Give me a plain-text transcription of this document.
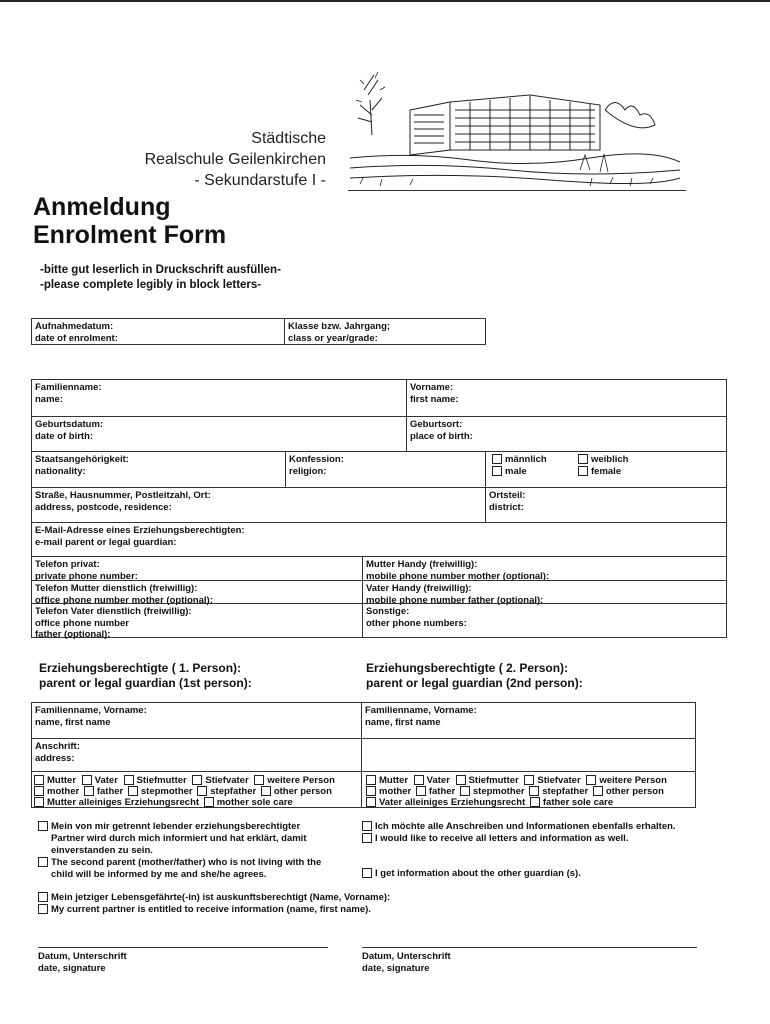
Städtische
Realschule Geilenkirchen
- Sekundarstufe I -
Anmeldung
Enrolment Form
-bitte gut leserlich in Druckschrift ausfüllen-
-please complete legibly in block letters-
Aufnahmedatum:
date of enrolment:
Klasse bzw. Jahrgang;
class or year/grade:
Familienname:
name:
Vorname:
first name:
Geburtsdatum:
date of birth:
Geburtsort:
place of birth:
Staatsangehörigkeit:
nationality:
Konfession:
religion:
männlich
male
weiblich
female
Straße, Hausnummer, Postleitzahl, Ort:
address, postcode, residence:
Ortsteil:
district:
E-Mail-Adresse eines Erziehungsberechtigten:
e-mail parent or legal guardian:
Telefon privat:
private phone number:
Mutter Handy (freiwillig):
mobile phone number mother (optional):
Telefon Mutter dienstlich (freiwillig):
office phone number mother (optional):
Vater Handy (freiwillig):
mobile phone number father (optional):
Telefon Vater dienstlich (freiwillig):
office phone number
father (optional):
Sonstige:
other phone numbers:
Erziehungsberechtigte ( 1. Person):
parent or legal guardian (1st person):
Erziehungsberechtigte ( 2. Person):
parent or legal guardian (2nd person):
Familienname, Vorname:
name, first name
Familienname, Vorname:
name, first name
Anschrift:
address:
Mutter Vater Stiefmutter Stiefvater weitere Person
mother father stepmother stepfather other person
Mutter alleiniges Erziehungsrecht mother sole care
Mutter Vater Stiefmutter Stiefvater weitere Person
mother father stepmother stepfather other person
Vater alleiniges Erziehungsrecht father sole care
Mein von mir getrennt lebender erziehungsberechtigter
Partner wird durch mich informiert und hat erklärt, damit
einverstanden zu sein.
The second parent (mother/father) who is not living with the
child will be informed by me and she/he agrees.
Ich möchte alle Anschreiben und Informationen ebenfalls erhalten.
I would like to receive all letters and information as well.
I get information about the other guardian (s).
Mein jetziger Lebensgefährte(-in) ist auskunftsberechtigt (Name, Vorname):
My current partner is entitled to receive information (name, first name).
Datum, Unterschrift
date, signature
Datum, Unterschrift
date, signature
